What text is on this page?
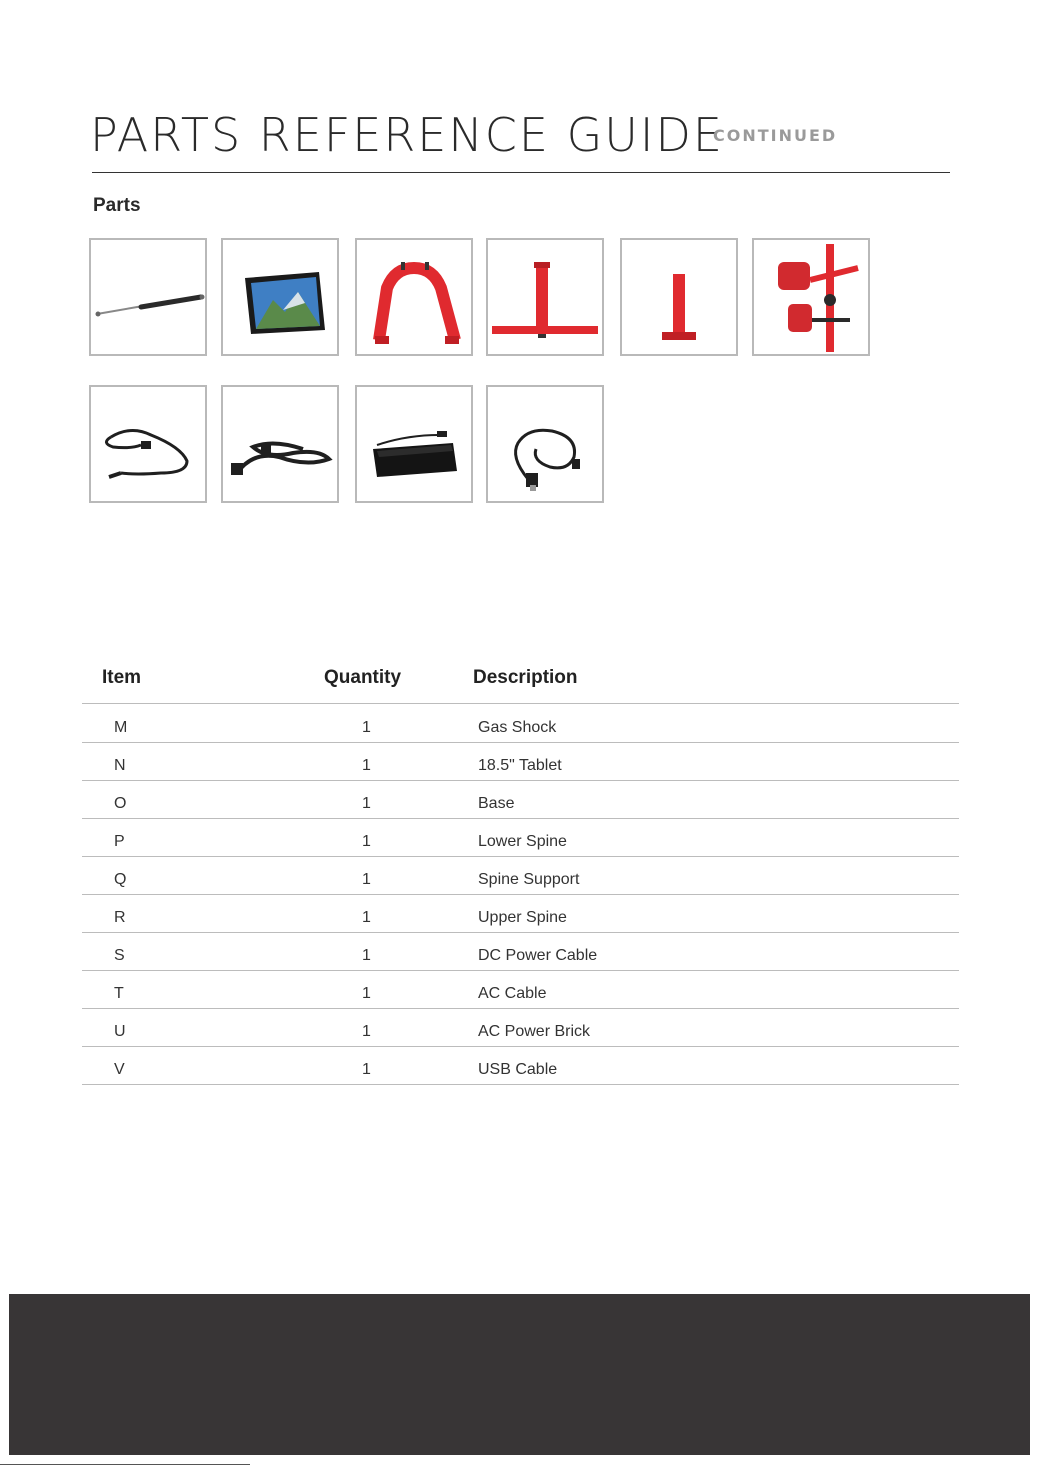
PARTS REFERENCE GUIDE
CONTINUED
Parts
Item	Quantity	Description
M	1	Gas Shock
N	1	18.5" Tablet
O	1	Base
P	1	Lower Spine
Q	1	Spine Support
R	1	Upper Spine
S	1	DC Power Cable
T	1	AC Cable
U	1	AC Power Brick
V	1	USB Cable
